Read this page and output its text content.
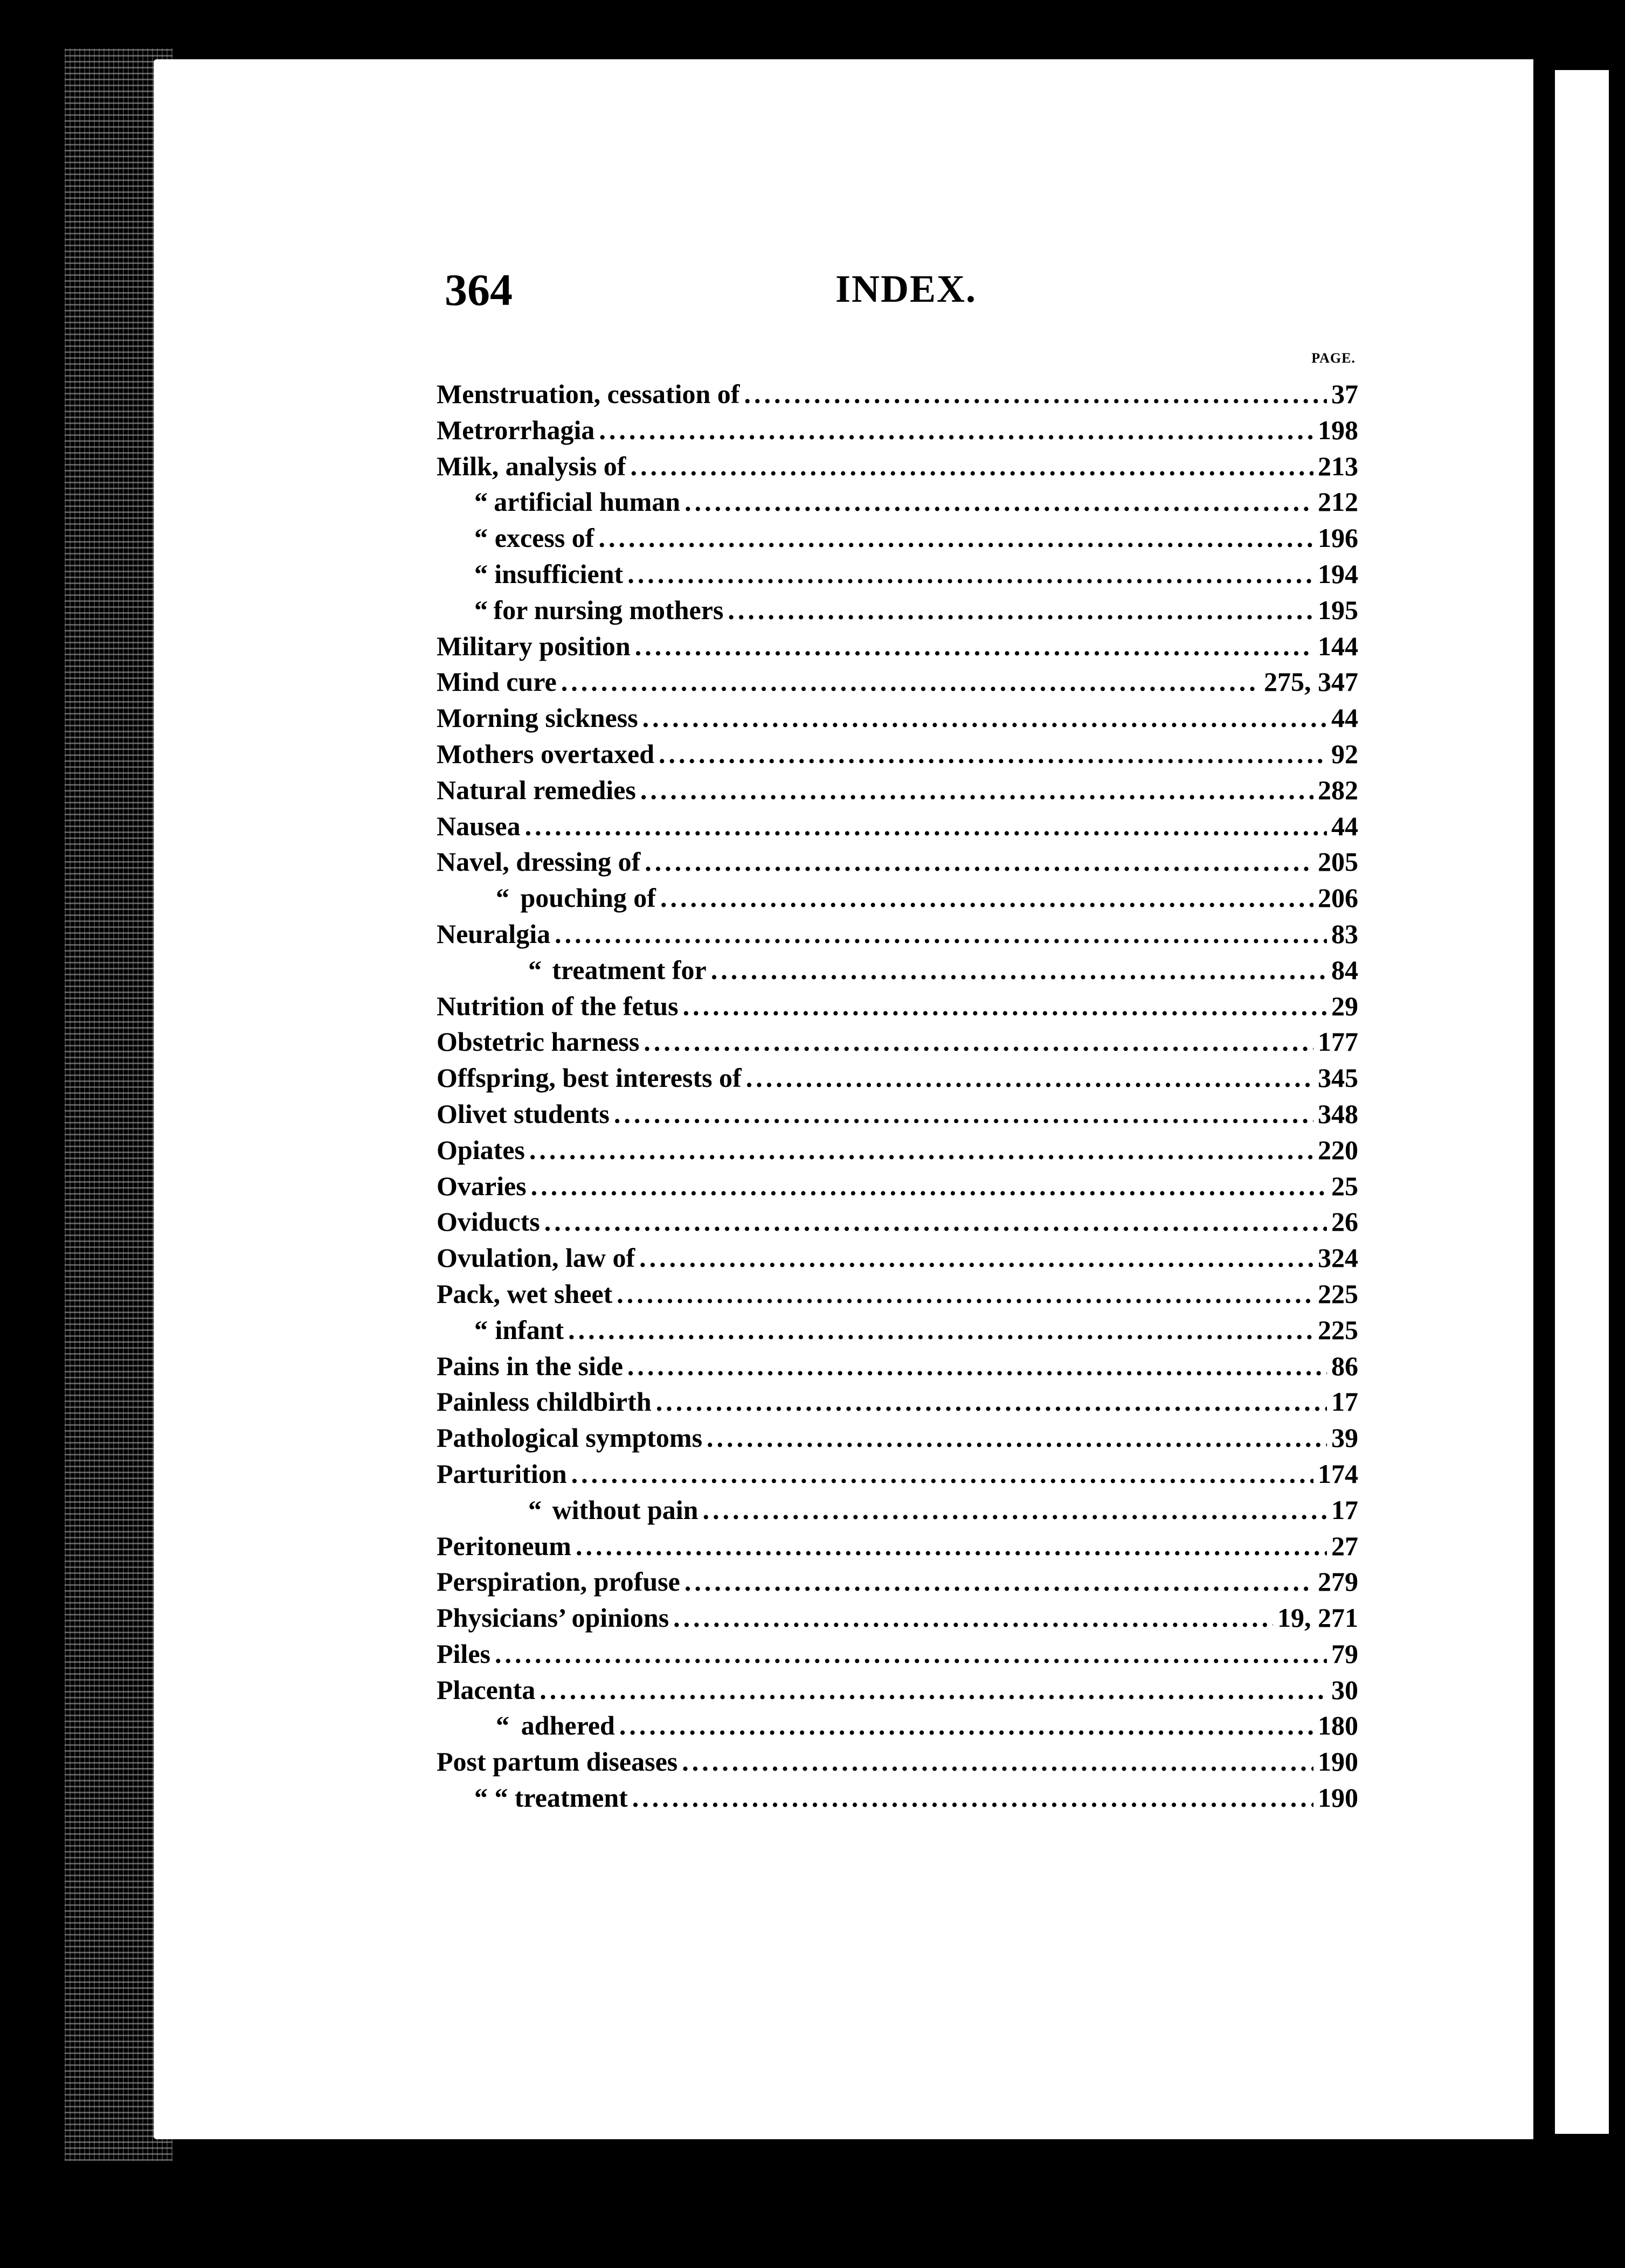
364	INDEX.
PAGE.
Menstruation, cessation of .....	37
Metrorrhagia .....	198
Milk, analysis of .....	213
“ artificial human .....	212
“ excess of .....	196
“ insufficient .....	194
“ for nursing mothers .....	195
Military position .....	144
Mind cure .....	275, 347
Morning sickness .....	44
Mothers overtaxed .....	92
Natural remedies .....	282
Nausea .....	44
Navel, dressing of .....	205
“ pouching of .....	206
Neuralgia .....	83
“ treatment for .....	84
Nutrition of the fetus .....	29
Obstetric harness .....	177
Offspring, best interests of .....	345
Olivet students .....	348
Opiates .....	220
Ovaries .....	25
Oviducts .....	26
Ovulation, law of .....	324
Pack, wet sheet .....	225
“ infant .....	225
Pains in the side .....	86
Painless childbirth .....	17
Pathological symptoms .....	39
Parturition .....	174
“ without pain .....	17
Peritoneum .....	27
Perspiration, profuse .....	279
Physicians’ opinions .....	19, 271
Piles .....	79
Placenta .....	30
“ adhered .....	180
Post partum diseases .....	190
“ “ treatment .....	190
